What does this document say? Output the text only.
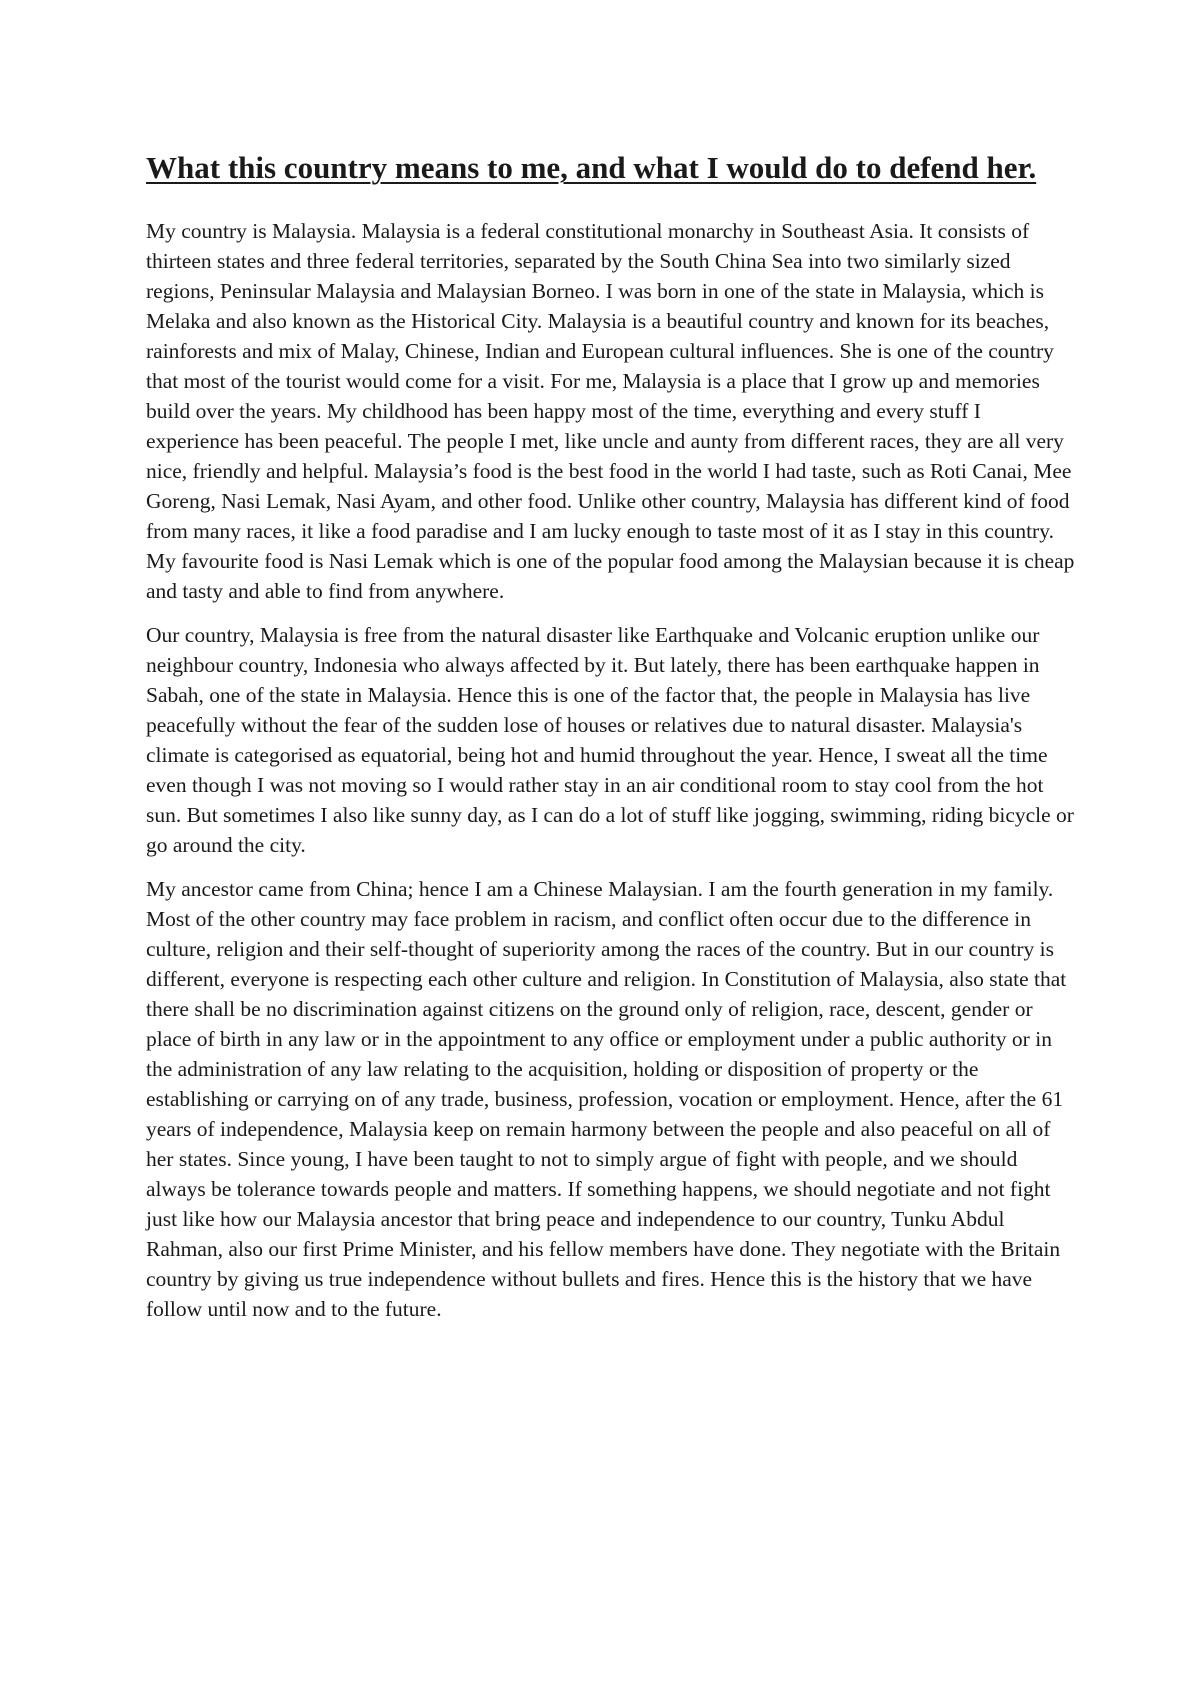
What this country means to me, and what I would do to defend her.

My country is Malaysia. Malaysia is a federal constitutional monarchy in Southeast Asia. It consists of thirteen states and three federal territories, separated by the South China Sea into two similarly sized regions, Peninsular Malaysia and Malaysian Borneo. I was born in one of the state in Malaysia, which is Melaka and also known as the Historical City. Malaysia is a beautiful country and known for its beaches, rainforests and mix of Malay, Chinese, Indian and European cultural influences. She is one of the country that most of the tourist would come for a visit. For me, Malaysia is a place that I grow up and memories build over the years. My childhood has been happy most of the time, everything and every stuff I experience has been peaceful. The people I met, like uncle and aunty from different races, they are all very nice, friendly and helpful. Malaysia’s food is the best food in the world I had taste, such as Roti Canai, Mee Goreng, Nasi Lemak, Nasi Ayam, and other food. Unlike other country, Malaysia has different kind of food from many races, it like a food paradise and I am lucky enough to taste most of it as I stay in this country. My favourite food is Nasi Lemak which is one of the popular food among the Malaysian because it is cheap and tasty and able to find from anywhere.

Our country, Malaysia is free from the natural disaster like Earthquake and Volcanic eruption unlike our neighbour country, Indonesia who always affected by it. But lately, there has been earthquake happen in Sabah, one of the state in Malaysia. Hence this is one of the factor that, the people in Malaysia has live peacefully without the fear of the sudden lose of houses or relatives due to natural disaster. Malaysia's climate is categorised as equatorial, being hot and humid throughout the year. Hence, I sweat all the time even though I was not moving so I would rather stay in an air conditional room to stay cool from the hot sun. But sometimes I also like sunny day, as I can do a lot of stuff like jogging, swimming, riding bicycle or go around the city.

My ancestor came from China; hence I am a Chinese Malaysian. I am the fourth generation in my family. Most of the other country may face problem in racism, and conflict often occur due to the difference in culture, religion and their self-thought of superiority among the races of the country. But in our country is different, everyone is respecting each other culture and religion. In Constitution of Malaysia, also state that there shall be no discrimination against citizens on the ground only of religion, race, descent, gender or place of birth in any law or in the appointment to any office or employment under a public authority or in the administration of any law relating to the acquisition, holding or disposition of property or the establishing or carrying on of any trade, business, profession, vocation or employment. Hence, after the 61 years of independence, Malaysia keep on remain harmony between the people and also peaceful on all of her states. Since young, I have been taught to not to simply argue of fight with people, and we should always be tolerance towards people and matters. If something happens, we should negotiate and not fight just like how our Malaysia ancestor that bring peace and independence to our country, Tunku Abdul Rahman, also our first Prime Minister, and his fellow members have done. They negotiate with the Britain country by giving us true independence without bullets and fires. Hence this is the history that we have follow until now and to the future.
